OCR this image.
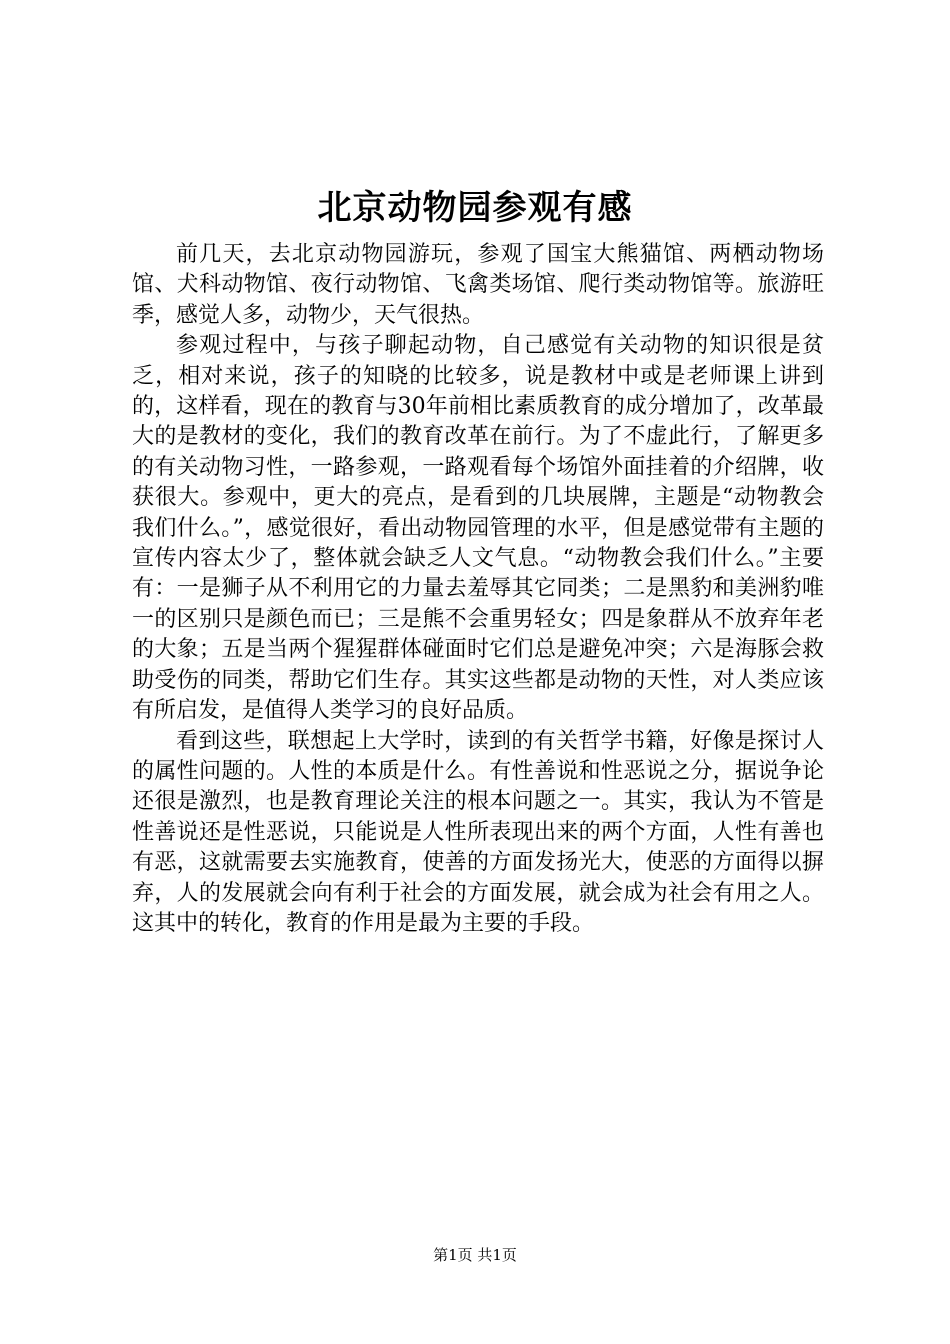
北京动物园参观有感

前几天，去北京动物园游玩，参观了国宝大熊猫馆、两栖动物场馆、犬科动物馆、夜行动物馆、飞禽类场馆、爬行类动物馆等。旅游旺季，感觉人多，动物少，天气很热。

参观过程中，与孩子聊起动物，自己感觉有关动物的知识很是贫乏，相对来说，孩子的知晓的比较多，说是教材中或是老师课上讲到的，这样看，现在的教育与30年前相比素质教育的成分增加了，改革最大的是教材的变化，我们的教育改革在前行。为了不虚此行，了解更多的有关动物习性，一路参观，一路观看每个场馆外面挂着的介绍牌，收获很大。参观中，更大的亮点，是看到的几块展牌，主题是“动物教会我们什么。”，感觉很好，看出动物园管理的水平，但是感觉带有主题的宣传内容太少了，整体就会缺乏人文气息。“动物教会我们什么。”主要有：一是狮子从不利用它的力量去羞辱其它同类；二是黑豹和美洲豹唯一的区别只是颜色而已；三是熊不会重男轻女；四是象群从不放弃年老的大象；五是当两个猩猩群体碰面时它们总是避免冲突；六是海豚会救助受伤的同类，帮助它们生存。其实这些都是动物的天性，对人类应该有所启发，是值得人类学习的良好品质。

看到这些，联想起上大学时，读到的有关哲学书籍，好像是探讨人的属性问题的。人性的本质是什么。有性善说和性恶说之分，据说争论还很是激烈，也是教育理论关注的根本问题之一。其实，我认为不管是性善说还是性恶说，只能说是人性所表现出来的两个方面，人性有善也有恶，这就需要去实施教育，使善的方面发扬光大，使恶的方面得以摒弃，人的发展就会向有利于社会的方面发展，就会成为社会有用之人。这其中的转化，教育的作用是最为主要的手段。

第1页 共1页
